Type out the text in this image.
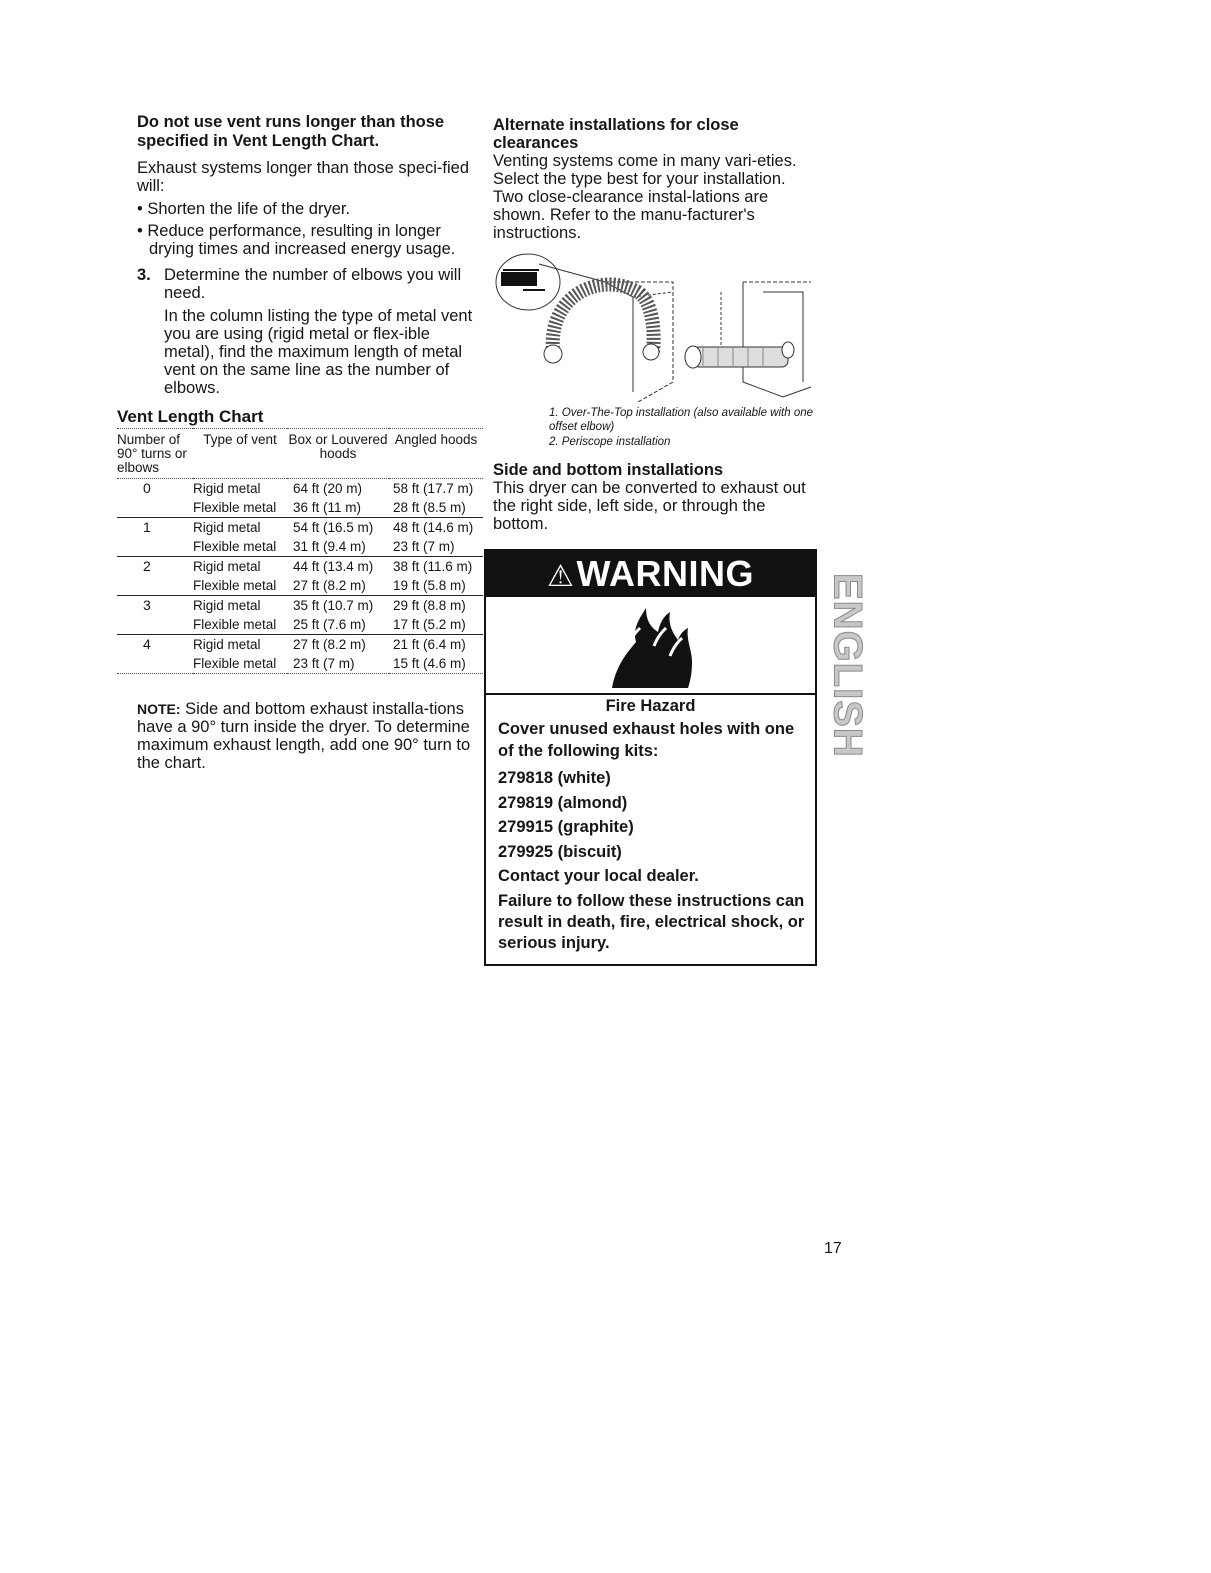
Do not use vent runs longer than those specified in Vent Length Chart.

Exhaust systems longer than those speci-fied will:

• Shorten the life of the dryer.
• Reduce performance, resulting in longer drying times and increased energy usage.
3. Determine the number of elbows you will need.

In the column listing the type of metal vent you are using (rigid metal or flex-ible metal), find the maximum length of metal vent on the same line as the number of elbows.

Vent Length Chart
Number of 90° turns or elbows	Type of vent	Box or Louvered hoods	Angled hoods
0	Rigid metal	64 ft (20 m)	58 ft (17.7 m)
	Flexible metal	36 ft (11 m)	28 ft (8.5 m)
1	Rigid metal	54 ft (16.5 m)	48 ft (14.6 m)
	Flexible metal	31 ft (9.4 m)	23 ft (7 m)
2	Rigid metal	44 ft (13.4 m)	38 ft (11.6 m)
	Flexible metal	27 ft (8.2 m)	19 ft (5.8 m)
3	Rigid metal	35 ft (10.7 m)	29 ft (8.8 m)
	Flexible metal	25 ft (7.6 m)	17 ft (5.2 m)
4	Rigid metal	27 ft (8.2 m)	21 ft (6.4 m)
	Flexible metal	23 ft (7 m)	15 ft (4.6 m)

NOTE: Side and bottom exhaust installa-tions have a 90° turn inside the dryer. To determine maximum exhaust length, add one 90° turn to the chart.

Alternate installations for close clearances

Venting systems come in many vari-eties. Select the type best for your installation. Two close-clearance instal-lations are shown. Refer to the manu-facturer's instructions.

1. Over-The-Top installation (also available with one offset elbow)
2. Periscope installation

Side and bottom installations

This dryer can be converted to exhaust out the right side, left side, or through the bottom.

⚠WARNING
Fire Hazard
Cover unused exhaust holes with one of the following kits:
279818 (white)
279819 (almond)
279915 (graphite)
279925 (biscuit)
Contact your local dealer.
Failure to follow these instructions can result in death, fire, electrical shock, or serious injury.
ENGLISH
17
